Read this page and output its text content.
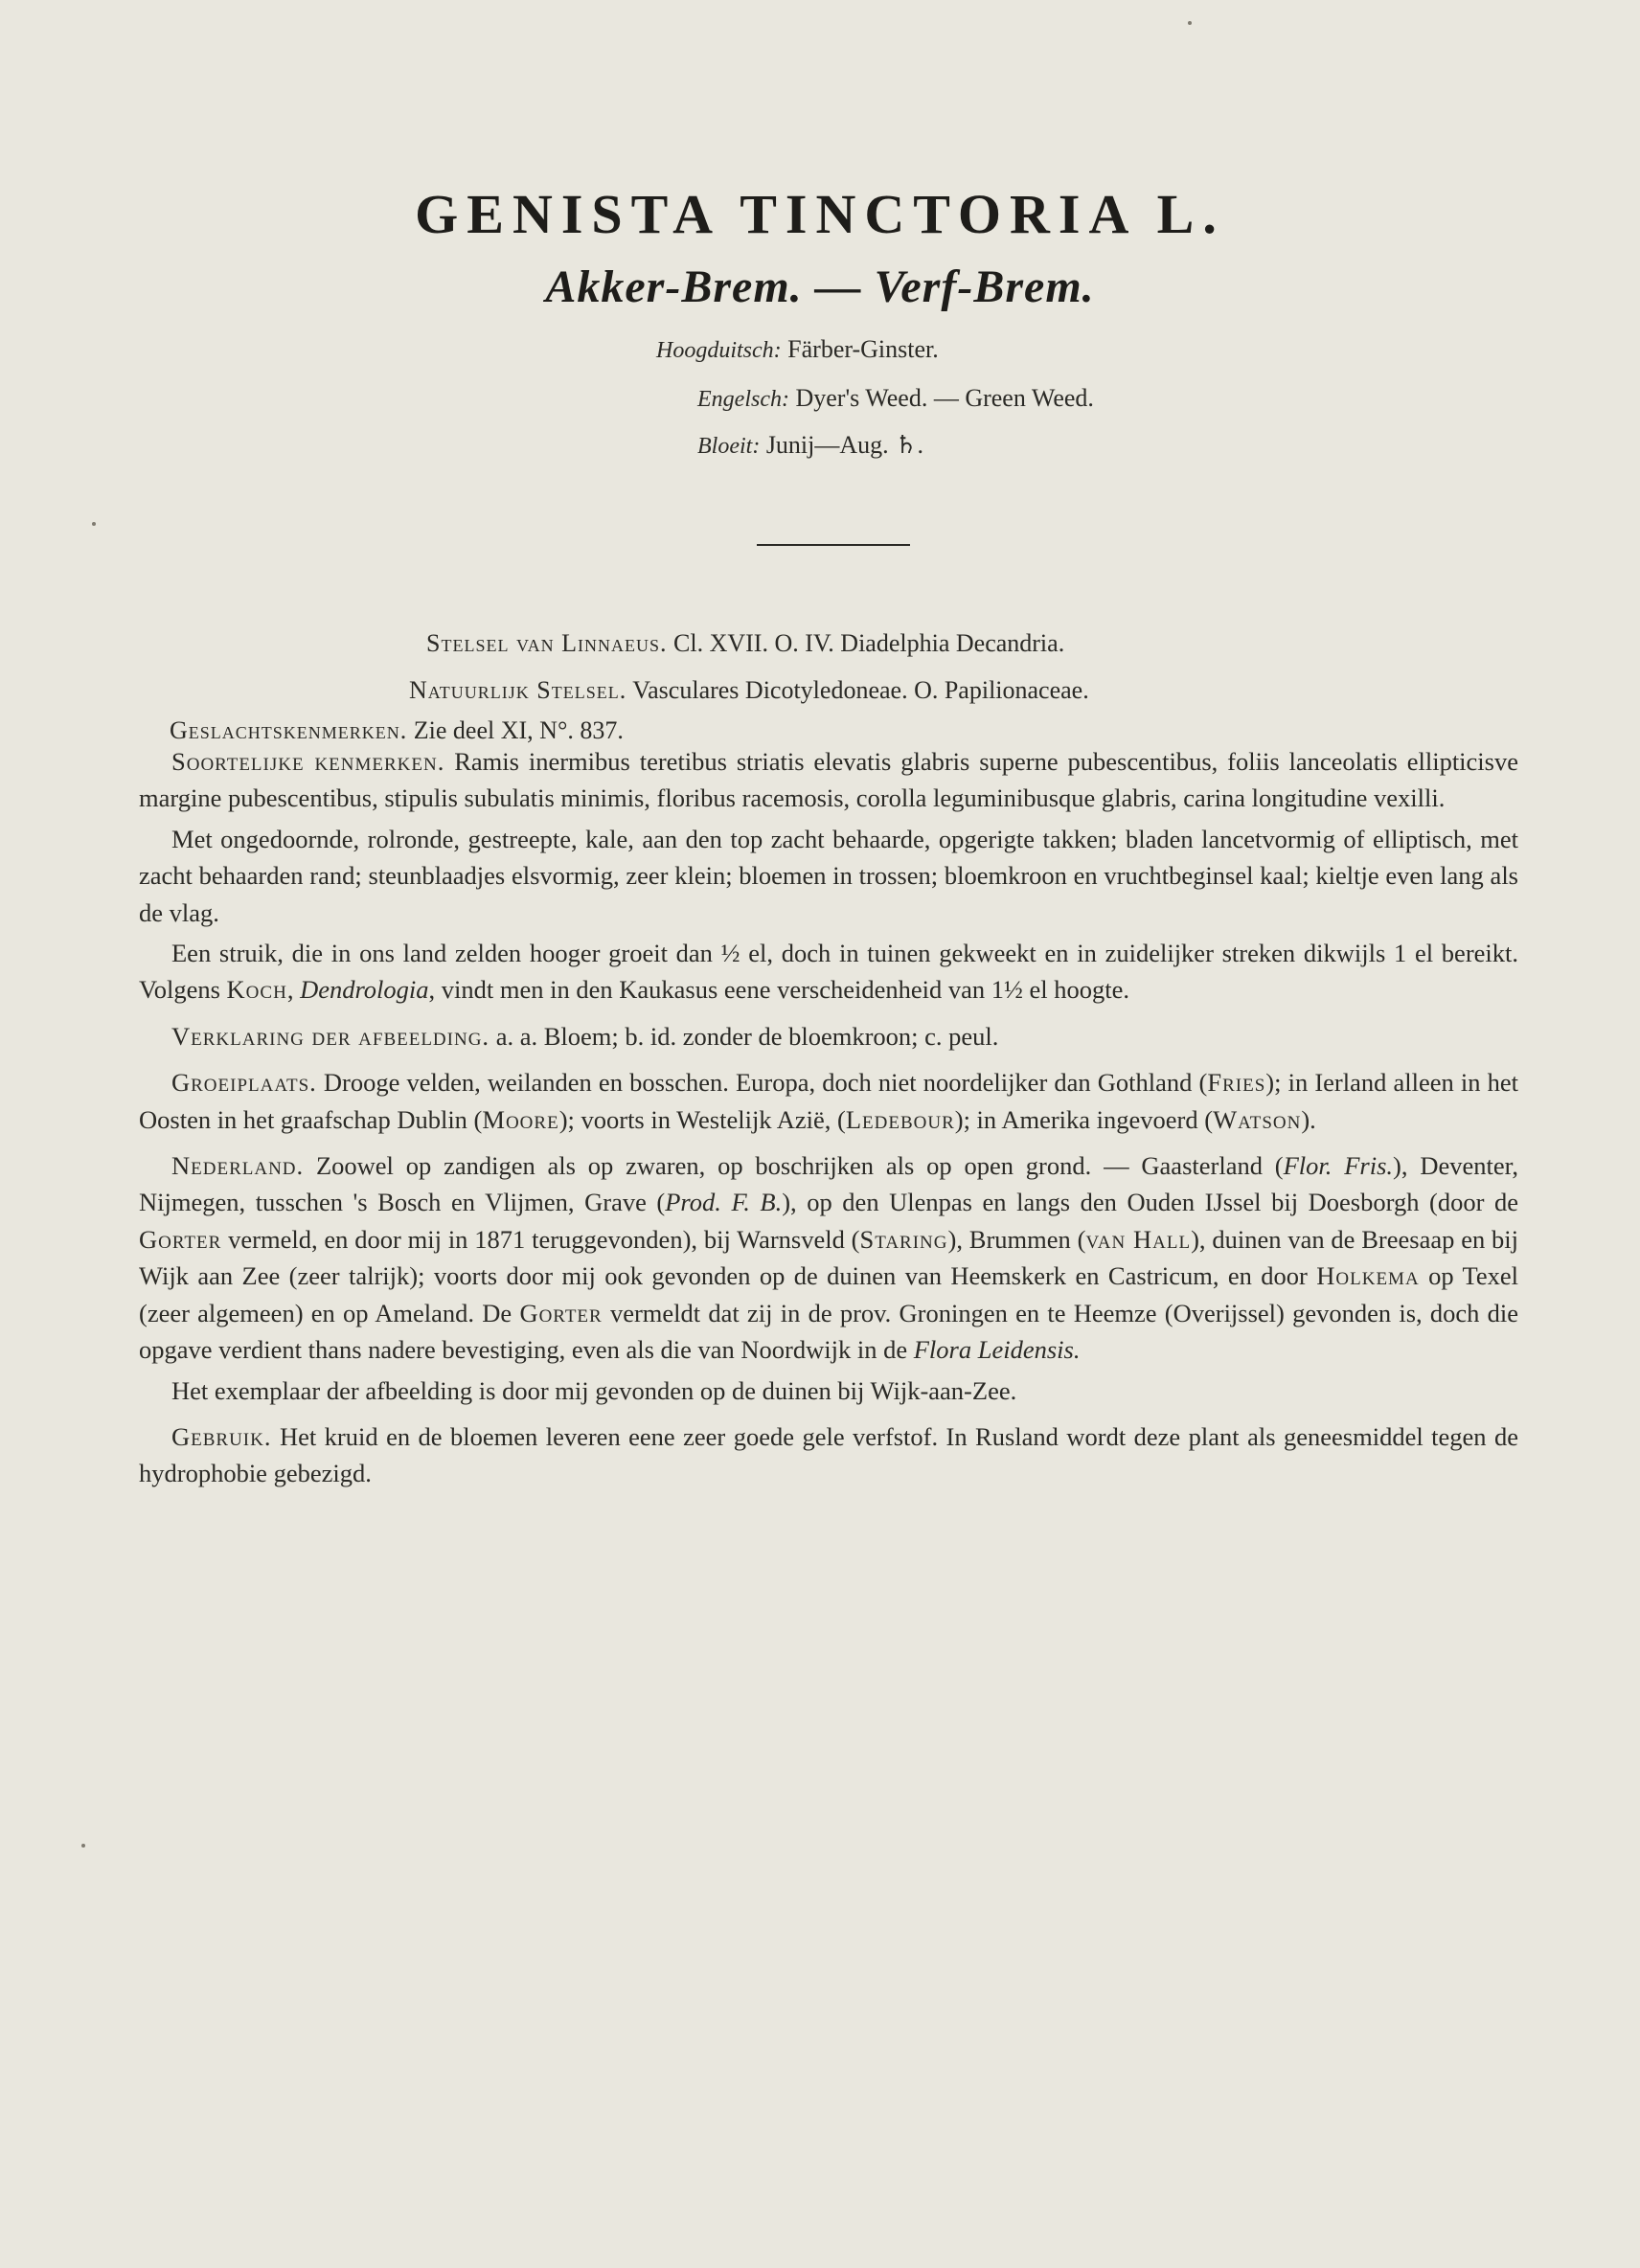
GENISTA TINCTORIA L.
Akker-Brem. — Verf-Brem.
Hoogduitsch: Färber-Ginster.
Engelsch: Dyer's Weed. — Green Weed.
Bloeit: Junij—Aug. ♄.
Stelsel van Linnaeus. Cl. XVII. O. IV. Diadelphia Decandria.
Natuurlijk Stelsel. Vasculares Dicotyledoneae. O. Papilionaceae.
Geslachtskenmerken. Zie deel XI, N°. 837.

Soortelijke kenmerken. Ramis inermibus teretibus striatis elevatis glabris superne pubescentibus, foliis lanceolatis ellipticisve margine pubescentibus, stipulis subulatis minimis, floribus racemosis, corolla leguminibusque glabris, carina longitudine vexilli.

Met ongedoornde, rolronde, gestreepte, kale, aan den top zacht behaarde, opgerigte takken; bladen lancetvormig of elliptisch, met zacht behaarden rand; steunblaadjes elsvormig, zeer klein; bloemen in trossen; bloemkroon en vruchtbeginsel kaal; kieltje even lang als de vlag.

Een struik, die in ons land zelden hooger groeit dan ½ el, doch in tuinen gekweekt en in zuidelijker streken dikwijls 1 el bereikt. Volgens Koch, Dendrologia, vindt men in den Kaukasus eene verscheidenheid van 1½ el hoogte.

Verklaring der afbeelding. a. a. Bloem; b. id. zonder de bloemkroon; c. peul.

Groeiplaats. Drooge velden, weilanden en bosschen. Europa, doch niet noordelijker dan Gothland (Fries); in Ierland alleen in het Oosten in het graafschap Dublin (Moore); voorts in Westelijk Azië, (Ledebour); in Amerika ingevoerd (Watson).

Nederland. Zoowel op zandigen als op zwaren, op boschrijken als op open grond. — Gaasterland (Flor. Fris.), Deventer, Nijmegen, tusschen 's Bosch en Vlijmen, Grave (Prod. F. B.), op den Ulenpas en langs den Ouden IJssel bij Doesborgh (door de Gorter vermeld, en door mij in 1871 teruggevonden), bij Warnsveld (Staring), Brummen (van Hall), duinen van de Breesaap en bij Wijk aan Zee (zeer talrijk); voorts door mij ook gevonden op de duinen van Heemskerk en Castricum, en door Holkema op Texel (zeer algemeen) en op Ameland. De Gorter vermeldt dat zij in de prov. Groningen en te Heemze (Overijssel) gevonden is, doch die opgave verdient thans nadere bevestiging, even als die van Noordwijk in de Flora Leidensis.

Het exemplaar der afbeelding is door mij gevonden op de duinen bij Wijk-aan-Zee.

Gebruik. Het kruid en de bloemen leveren eene zeer goede gele verfstof. In Rusland wordt deze plant als geneesmiddel tegen de hydrophobie gebezigd.
